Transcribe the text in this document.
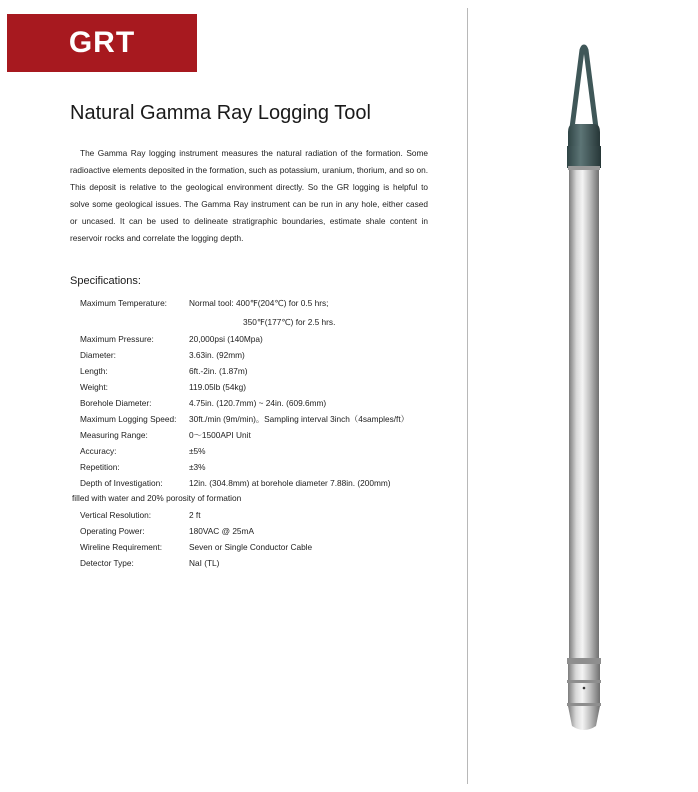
GRT
Natural Gamma Ray Logging Tool

The Gamma Ray logging instrument measures the natural radiation of the formation. Some radioactive elements deposited in the formation, such as potassium, uranium, thorium, and so on. This deposit is relative to the geological environment directly. So the GR logging is helpful to solve some geological issues. The Gamma Ray instrument can be run in any hole, either cased or uncased. It can be used to delineate stratigraphic boundaries, estimate shale content in reservoir rocks and correlate the logging depth.

Specifications:
Maximum Temperature:	Normal tool: 400℉(204℃) for 0.5 hrs;
350℉(177℃) for 2.5 hrs.
Maximum Pressure:	20,000psi (140Mpa)
Diameter:	3.63in. (92mm)
Length:	6ft.-2in. (1.87m)
Weight:	119.05lb (54kg)
Borehole Diameter:	4.75in. (120.7mm) ~ 24in. (609.6mm)
Maximum Logging Speed: 30ft./min (9m/min)。Sampling interval 3inch（4samples/ft）
Measuring Range:	0～1500API Unit
Accuracy:	±5%
Repetition:	±3%
Depth of Investigation:	12in. (304.8mm) at borehole diameter 7.88in. (200mm)
filled with water and 20% porosity of formation
Vertical Resolution:	2 ft
Operating Power:	180VAC @ 25mA
Wireline Requirement:	Seven or Single Conductor Cable
Detector Type:	NaI (TL)
